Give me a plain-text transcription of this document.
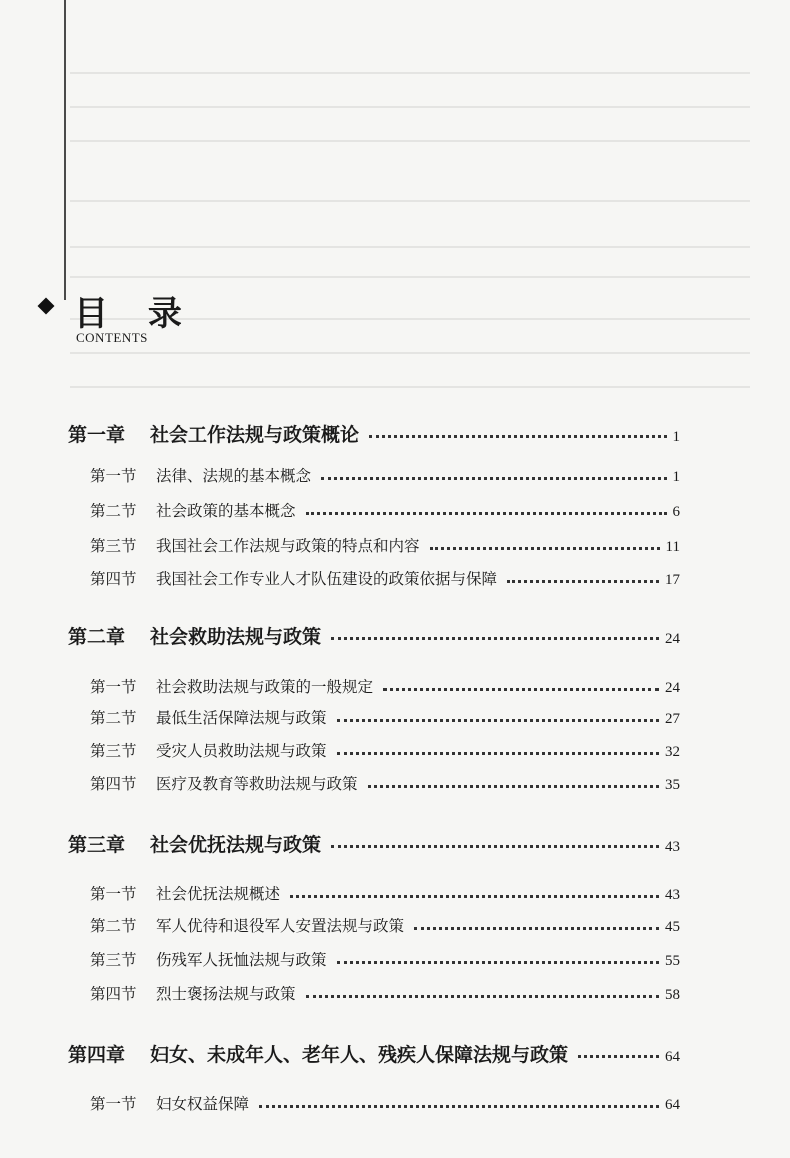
目 录
CONTENTS
第一章	社会工作法规与政策概论	1
第一节	法律、法规的基本概念	1
第二节	社会政策的基本概念	6
第三节	我国社会工作法规与政策的特点和内容	11
第四节	我国社会工作专业人才队伍建设的政策依据与保障	17
第二章	社会救助法规与政策	24
第一节	社会救助法规与政策的一般规定	24
第二节	最低生活保障法规与政策	27
第三节	受灾人员救助法规与政策	32
第四节	医疗及教育等救助法规与政策	35
第三章	社会优抚法规与政策	43
第一节	社会优抚法规概述	43
第二节	军人优待和退役军人安置法规与政策	45
第三节	伤残军人抚恤法规与政策	55
第四节	烈士褒扬法规与政策	58
第四章	妇女、未成年人、老年人、残疾人保障法规与政策	64
第一节	妇女权益保障	64
